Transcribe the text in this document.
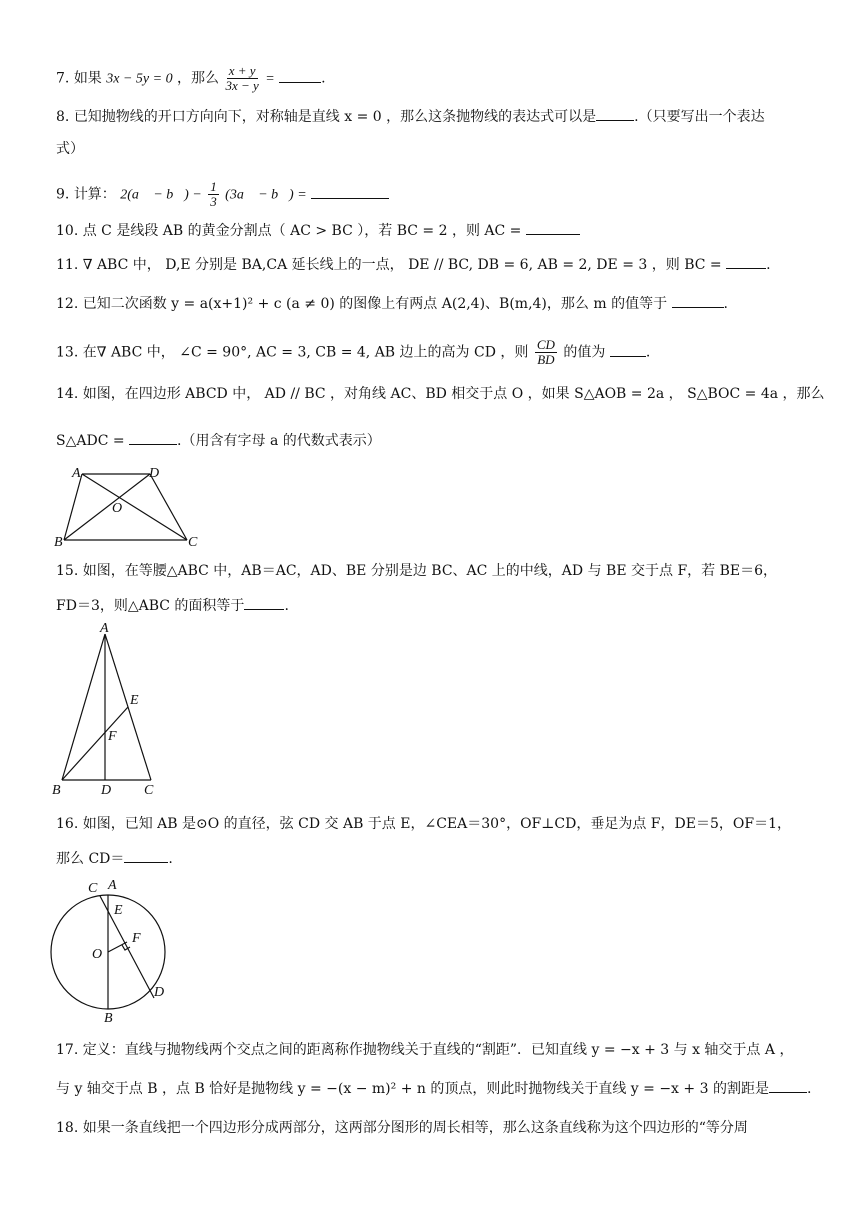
7. 如果 3x − 5y = 0 ，那么 $\frac{x + y}{3x - y}$ =	.
8. 已知抛物线的开口方向向下，对称轴是直线 x = 0 ，那么这条抛物线的表达式可以是	.（只要写出一个表达
式）
9. 计算： 2(a⃗ − b⃗) − $\frac{1}{3}$ (3a⃗ − b⃗) =
10. 点 C 是线段 AB 的黄金分割点（ AC > BC ），若 BC = 2 ，则 AC =
11. ∇ ABC 中， D,E 分别是 BA,CA 延长线上的一点， DE // BC, DB = 6, AB = 2, DE = 3 ，则 BC =	.
12. 已知二次函数 y = a(x+1)² + c (a ≠ 0) 的图像上有两点 A(2,4)、B(m,4)，那么 m 的值等于	.
13. 在∇ ABC 中， ∠C = 90°, AC = 3, CB = 4, AB 边上的高为 CD ，则 $\frac{CD}{BD}$ 的值为	.
14. 如图，在四边形 ABCD 中， AD // BC ，对角线 AC、BD 相交于点 O ，如果 S△AOB = 2a ， S△BOC = 4a ，那么
S△ADC =	.（用含有字母 a 的代数式表示）
A	D
O
B	C
15. 如图，在等腰△ABC 中，AB＝AC，AD、BE 分别是边 BC、AC 上的中线，AD 与 BE 交于点 F，若 BE＝6，
FD＝3，则△ABC 的面积等于	.
A
E
F
B	D C
16. 如图，已知 AB 是⊙O 的直径，弦 CD 交 AB 于点 E，∠CEA＝30°，OF⊥CD，垂足为点 F，DE＝5，OF＝1，
那么 CD＝	.
C A
E
F
O
D
B
17. 定义：直线与抛物线两个交点之间的距离称作抛物线关于直线的“割距”．已知直线 y = −x + 3 与 x 轴交于点 A ，
与 y 轴交于点 B ，点 B 恰好是抛物线 y = −(x − m)² + n 的顶点，则此时抛物线关于直线 y = −x + 3 的割距是	.
18. 如果一条直线把一个四边形分成两部分，这两部分图形的周长相等，那么这条直线称为这个四边形的“等分周
